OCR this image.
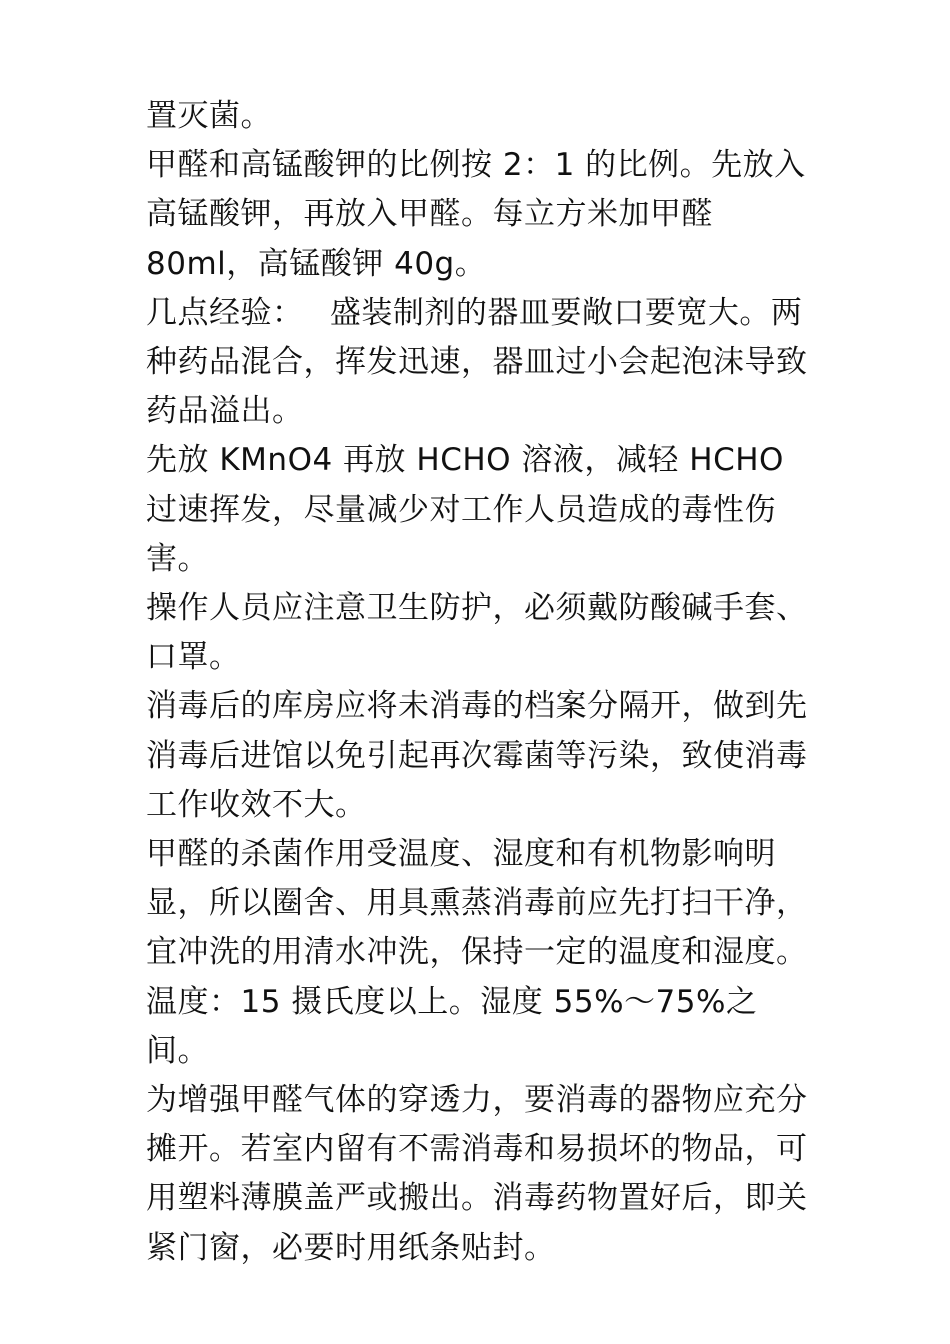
置灭菌。

甲醛和高锰酸钾的比例按 2：1 的比例。先放入高锰酸钾，再放入甲醛。每立方米加甲醛 80ml，高锰酸钾 40g。

几点经验：　 盛装制剂的器皿要敞口要宽大。两种药品混合，挥发迅速，器皿过小会起泡沫导致药品溢出。

先放 KMnO4 再放 HCHO 溶液，减轻 HCHO 过速挥发，尽量减少对工作人员造成的毒性伤害。

操作人员应注意卫生防护，必须戴防酸碱手套、口罩。

消毒后的库房应将未消毒的档案分隔开，做到先消毒后进馆以免引起再次霉菌等污染，致使消毒工作收效不大。

甲醛的杀菌作用受温度、湿度和有机物影响明显，所以圈舍、用具熏蒸消毒前应先打扫干净，宜冲洗的用清水冲洗，保持一定的温度和湿度。

温度：15 摄氏度以上。湿度 55%～75%之间。

为增强甲醛气体的穿透力，要消毒的器物应充分摊开。若室内留有不需消毒和易损坏的物品，可用塑料薄膜盖严或搬出。消毒药物置好后，即关紧门窗，必要时用纸条贴封。
